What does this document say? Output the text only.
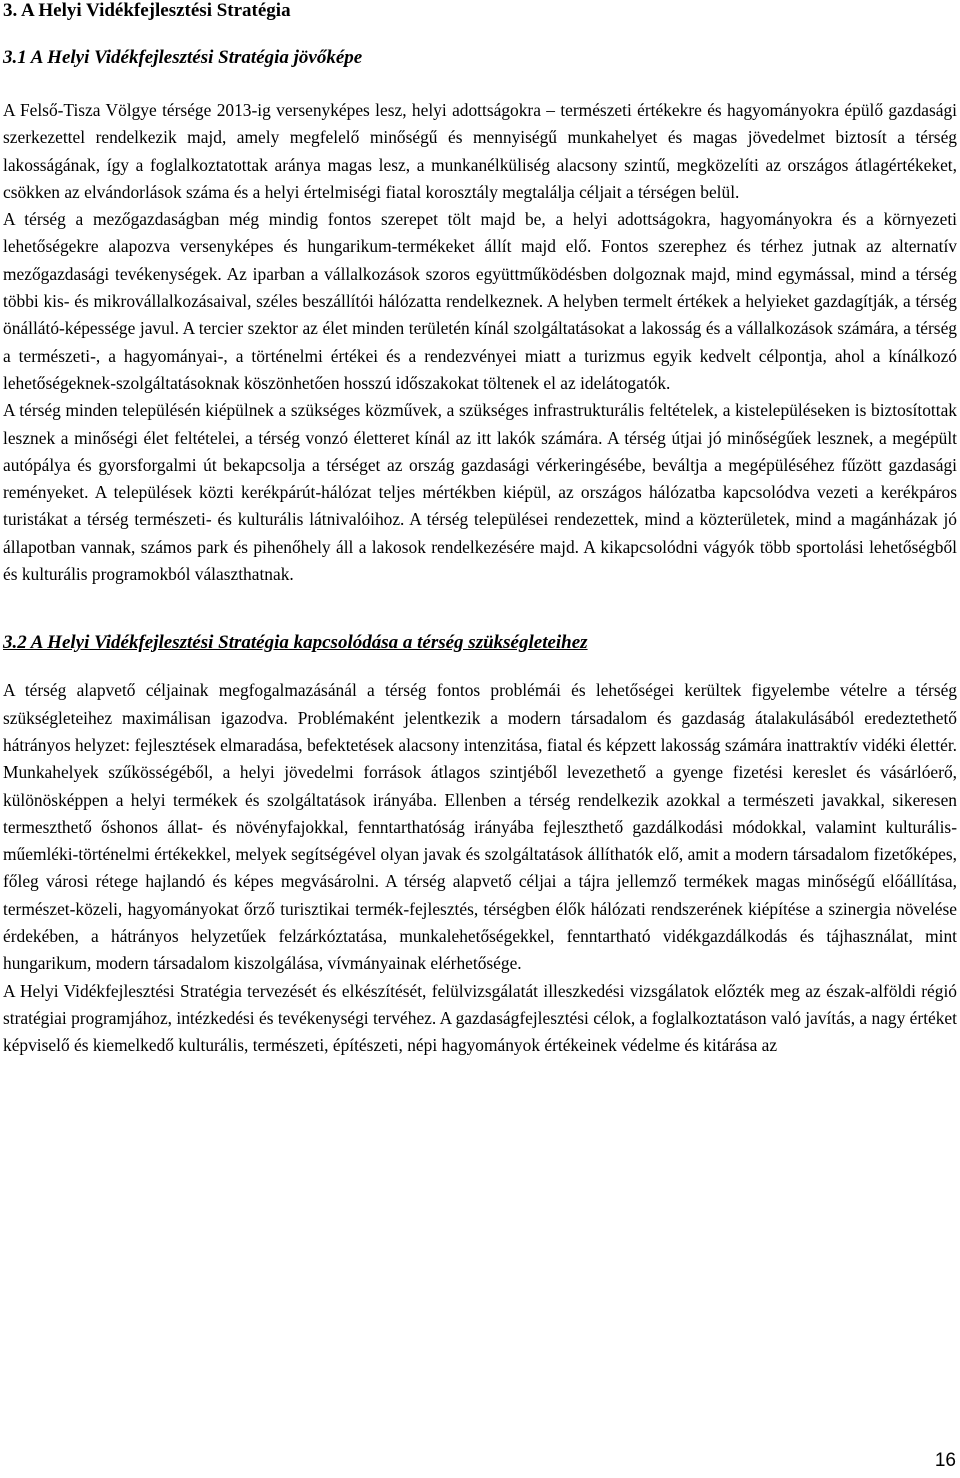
3. A Helyi Vidékfejlesztési Stratégia
3.1 A Helyi Vidékfejlesztési Stratégia jövőképe

A Felső-Tisza Völgye térsége 2013-ig versenyképes lesz, helyi adottságokra – természeti értékekre és hagyományokra épülő gazdasági szerkezettel rendelkezik majd, amely megfelelő minőségű és mennyiségű munkahelyet és magas jövedelmet biztosít a térség lakosságának, így a foglalkoztatottak aránya magas lesz, a munkanélküliség alacsony szintű, megközelíti az országos átlagértékeket, csökken az elvándorlások száma és a helyi értelmiségi fiatal korosztály megtalálja céljait a térségen belül.

A térség a mezőgazdaságban még mindig fontos szerepet tölt majd be, a helyi adottságokra, hagyományokra és a környezeti lehetőségekre alapozva versenyképes és hungarikum-termékeket állít majd elő. Fontos szerephez és térhez jutnak az alternatív mezőgazdasági tevékenységek. Az iparban a vállalkozások szoros együttműködésben dolgoznak majd, mind egymással, mind a térség többi kis- és mikrovállalkozásaival, széles beszállítói hálózatta rendelkeznek. A helyben termelt értékek a helyieket gazdagítják, a térség önállátó-képessége javul. A tercier szektor az élet minden területén kínál szolgáltatásokat a lakosság és a vállalkozások számára, a térség a természeti-, a hagyományai-, a történelmi értékei és a rendezvényei miatt a turizmus egyik kedvelt célpontja, ahol a kínálkozó lehetőségeknek-szolgáltatásoknak köszönhetően hosszú időszakokat töltenek el az idelátogatók.

A térség minden településén kiépülnek a szükséges közművek, a szükséges infrastrukturális feltételek, a kistelepüléseken is biztosítottak lesznek a minőségi élet feltételei, a térség vonzó életteret kínál az itt lakók számára. A térség útjai jó minőségűek lesznek, a megépült autópálya és gyorsforgalmi út bekapcsolja a térséget az ország gazdasági vérkeringésébe, beváltja a megépüléséhez fűzött gazdasági reményeket. A települések közti kerékpárút-hálózat teljes mértékben kiépül, az országos hálózatba kapcsolódva vezeti a kerékpáros turistákat a térség természeti- és kulturális látnivalóihoz. A térség települései rendezettek, mind a közterületek, mind a magánházak jó állapotban vannak, számos park és pihenőhely áll a lakosok rendelkezésére majd. A kikapcsolódni vágyók több sportolási lehetőségből és kulturális programokból választhatnak.

3.2 A Helyi Vidékfejlesztési Stratégia kapcsolódása a térség szükségleteihez

A térség alapvető céljainak megfogalmazásánál a térség fontos problémái és lehetőségei kerültek figyelembe vételre a térség szükségleteihez maximálisan igazodva. Problémaként jelentkezik a modern társadalom és gazdaság átalakulásából eredeztethető hátrányos helyzet: fejlesztések elmaradása, befektetések alacsony intenzitása, fiatal és képzett lakosság számára inattraktív vidéki élettér. Munkahelyek szűkösségéből, a helyi jövedelmi források átlagos szintjéből levezethető a gyenge fizetési kereslet és vásárlóerő, különösképpen a helyi termékek és szolgáltatások irányába. Ellenben a térség rendelkezik azokkal a természeti javakkal, sikeresen termeszthető őshonos állat- és növényfajokkal, fenntarthatóság irányába fejleszthető gazdálkodási módokkal, valamint kulturális-műemléki-történelmi értékekkel, melyek segítségével olyan javak és szolgáltatások állíthatók elő, amit a modern társadalom fizetőképes, főleg városi rétege hajlandó és képes megvásárolni. A térség alapvető céljai a tájra jellemző termékek magas minőségű előállítása, természet-közeli, hagyományokat őrző turisztikai termék-fejlesztés, térségben élők hálózati rendszerének kiépítése a szinergia növelése érdekében, a hátrányos helyzetűek felzárkóztatása, munkalehetőségekkel, fenntartható vidékgazdálkodás és tájhasználat, mint hungarikum, modern társadalom kiszolgálása, vívmányainak elérhetősége.

A Helyi Vidékfejlesztési Stratégia tervezését és elkészítését, felülvizsgálatát illeszkedési vizsgálatok előzték meg az észak-alföldi régió stratégiai programjához, intézkedési és tevékenységi tervéhez. A gazdaságfejlesztési célok, a foglalkoztatáson való javítás, a nagy értéket képviselő és kiemelkedő kulturális, természeti, építészeti, népi hagyományok értékeinek védelme és kitárása az

16
